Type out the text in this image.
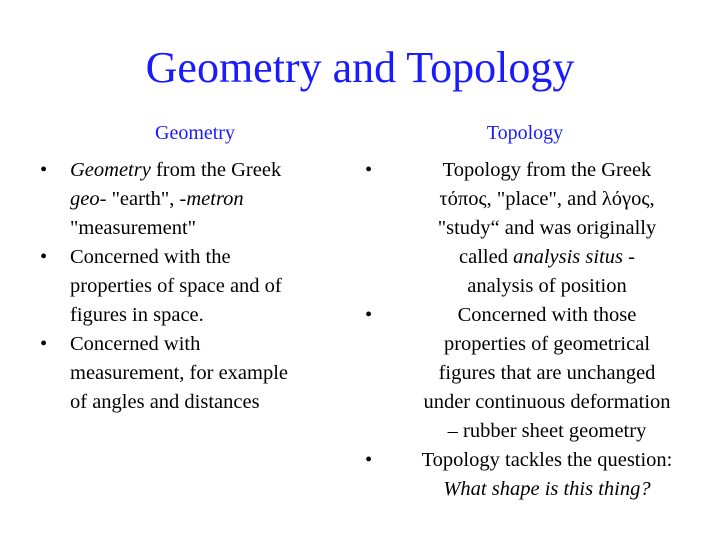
Geometry and Topology
Geometry	Topology
• Geometry from the Greek
geo- "earth", -metron
"measurement"
• Concerned with the
properties of space and of
figures in space.
• Concerned with
measurement, for example
of angles and distances
•	Topology from the Greek
τόπος, "place", and λόγος,
"study“ and was originally
called analysis situs -
analysis of position
•	Concerned with those
properties of geometrical
figures that are unchanged
under continuous deformation
– rubber sheet geometry
•	Topology tackles the question:
What shape is this thing?
